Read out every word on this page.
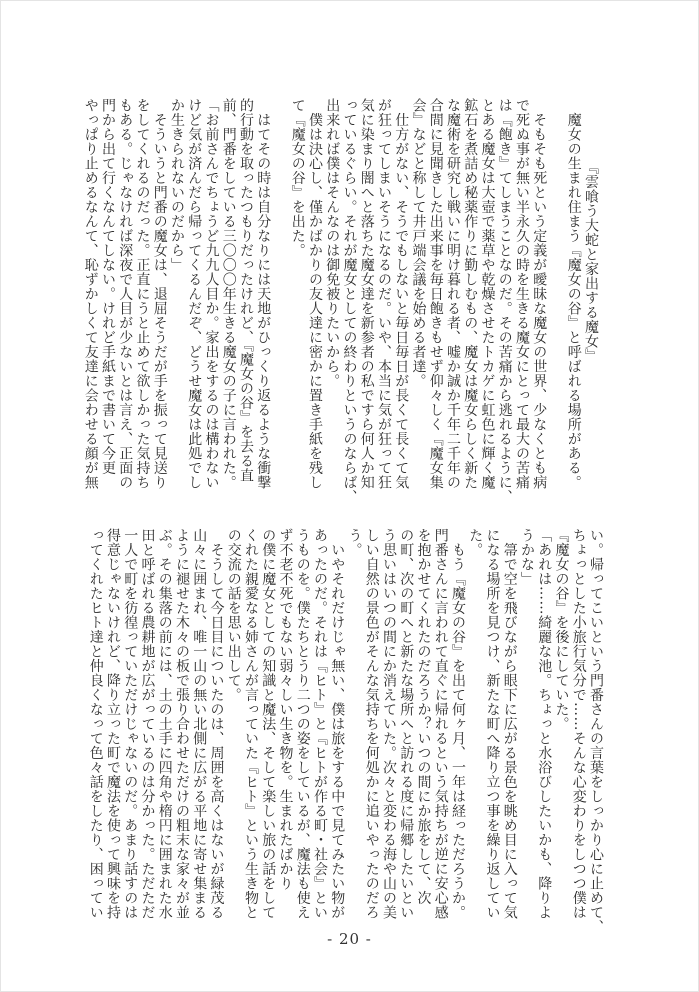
『雲喰う大蛇と家出する魔女』
　魔女の生まれ住まう『魔女の谷』と呼ばれる場所がある。
　そもそも死という定義が曖昧な魔女の世界、少なくとも病
で死ぬ事が無い半永久の時を生きる魔女にとって最大の苦痛
は『飽き』てしまうことなのだ。その苦痛から逃れるように、
とある魔女は大壺で薬草や乾燥させたトカゲに虹色に輝く魔
鉱石を煮詰め秘薬作りに勤しむもの、魔女は魔女らしく新た
な魔術を研究し戦いに明け暮れる者、嘘か誠か千年二千年の
合間に見聞きした出来事を毎日飽きもせず仰々しく『魔女集
会』などと称して井戸端会議を始める者達。
　仕方がない、そうでもしないと毎日毎日が長くて長くて気
が狂ってしまいそうになるのだ。いや、本当に気が狂って狂
気に染まり闇へと落ちた魔女達を新参者の私ですら何人か知
っているぐらい。それが魔女としての終わりというのならば、
出来れば僕はそんなのは御免被りたいから。
　僕は決心し、僅かばかりの友人達に密かに置き手紙を残し
て『魔女の谷』を出た。
　はてその時は自分なりには天地がひっくり返るような衝撃
的行動を取ったつもりだったけれど、『魔女の谷』を去る直
前、門番をしている三〇〇〇年生きる魔女の子に言われた。
「お前さんでちょうど九九人目か。家出をするのは構わない
けど気が済んだら帰ってくるんだぞ、どうせ魔女は此処でし
か生きられないのだから」
　そういうと門番の魔女は、退屈そうだが手を振って見送り
をしてくれるのだった。正直にうと止めて欲しかった気持ち
もある。じゃなければ深夜で人目が少ないとは言え、正面の
門から出て行くなんてしない。けれど手紙まで書いて今更
やっぱり止めるなんて、恥ずかしくて友達に会わせる顔が無
い。帰ってこいという門番さんの言葉をしっかり心に止めて、
ちょっとした小旅行気分で……そんな心変わりをしつつ僕は
『魔女の谷』を後にしていた。
「あれは……綺麗な池。ちょっと水浴びしたいかも、降りよ
うかな」
　箒で空を飛びながら眼下に広がる景色を眺め目に入って気
になる場所を見つけ、新たな町へ降り立つ事を繰り返してい
た。
　もう『魔女の谷』を出て何ヶ月、一年は経っただろうか。
門番さんに言われて直ぐに帰れるという気持ちが逆に安心感
を抱かせてくれたのだろうか？いつの間にか旅をして、次
の町、次の町へと新たな場所へと訪れる度に帰郷したいとい
う思いはいつの間にか消えていた。次々と変わる海や山の美
しい自然の景色がそんな気持ちを何処かに追いやったのだろ
う。
　いやそれだけじゃ無い、僕は旅をする中で見てみたい物が
あったのだ。それは『ヒト』と『ヒトが作る町・社会』とい
うものを。僕たちとうり二つの姿をしているが、魔法も使え
ず不老不死でもない弱々しい生き物を。生まれたばかり
の僕に魔女としての知識と魔法、そして楽しい旅の話をして
くれた親愛なる姉さんが言っていた『ヒト』という生き物と
の交流の話を思い出して。
　そうして今日目についたのは、周囲を高くはないが緑茂る
山々に囲まれ、唯一山の無い北側に広がる平地に寄せ集まる
ように褪せた木々の板で張り合わせただけの粗末な家々が並
ぶ。その集落の前には、土の土手に四角や楕円に囲まれた水
田と呼ばれる農耕地が広がっているのは分かった。ただただ
一人で町を彷徨っていただけじゃないのだ。あまり話すのは
得意じゃないけれど、降り立った町で魔法を使って興味を持
ってくれたヒト達と仲良くなって色々話をしたり、困ってい
- 20 -
